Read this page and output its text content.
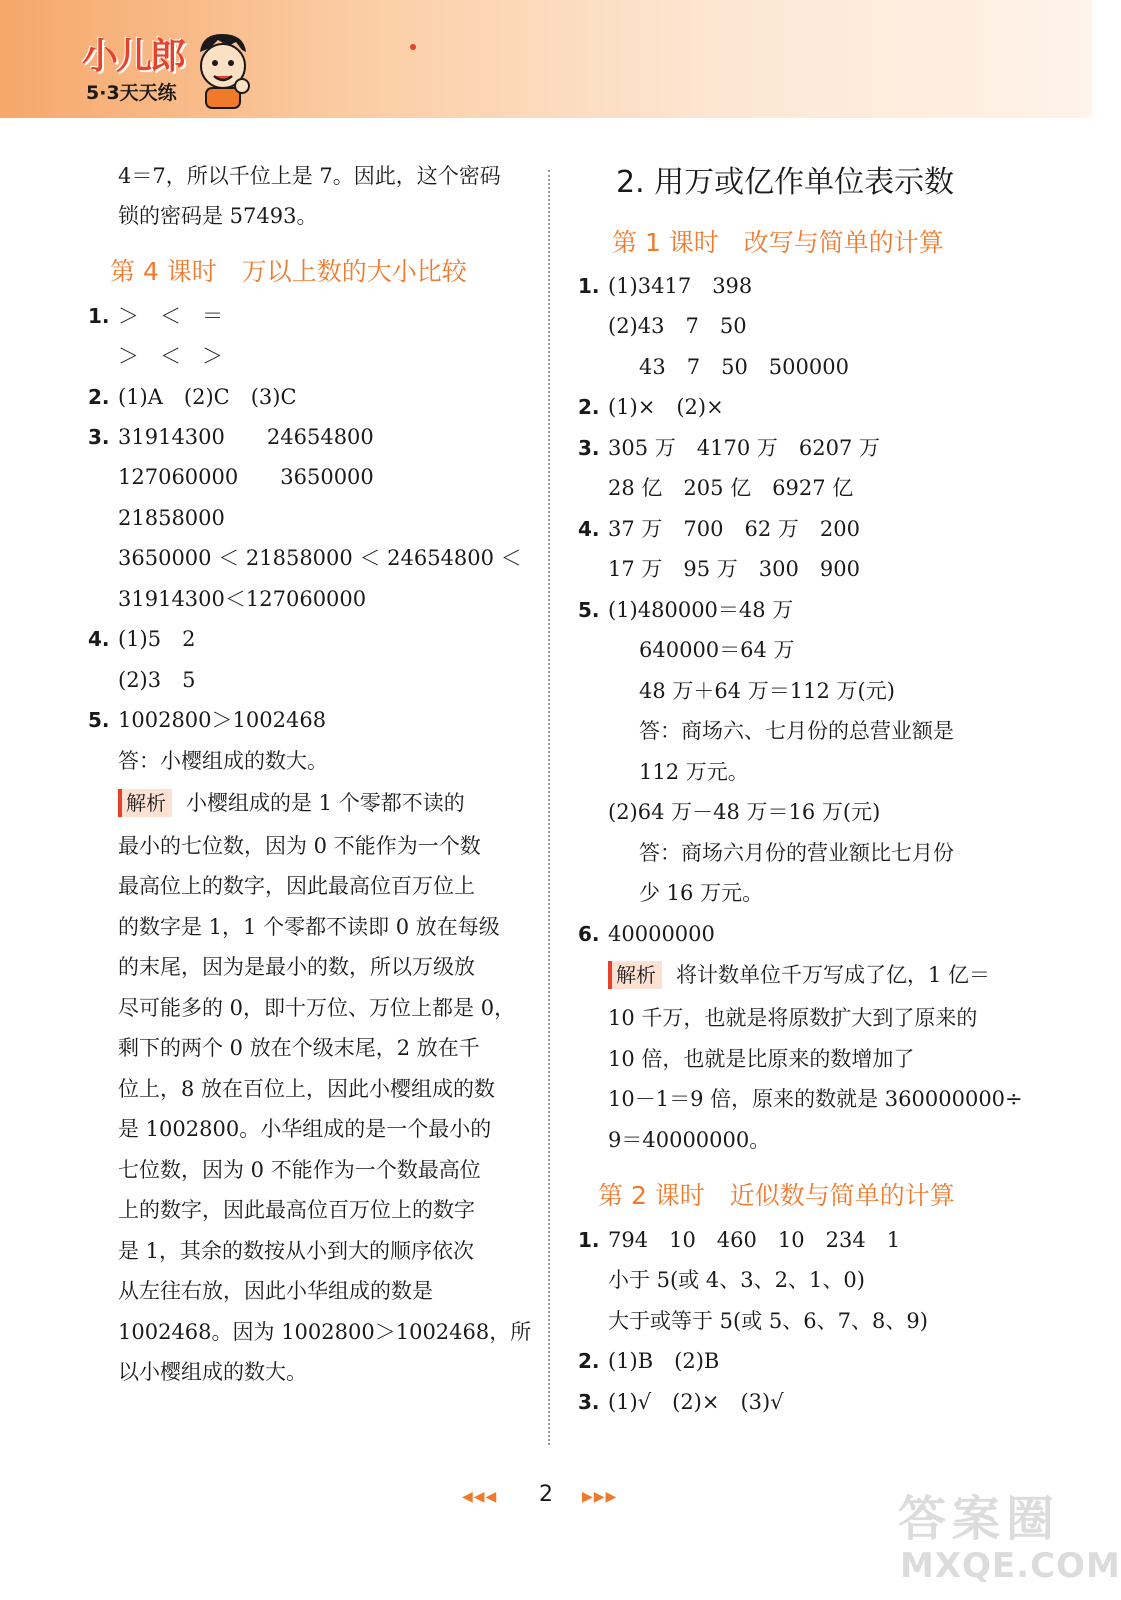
小儿郎
5·3天天练
4＝7，所以千位上是 7。因此，这个密码
锁的密码是 57493。
第 4 课时　万以上数的大小比较
1. ＞　＜　＝
＞　＜　＞
2. (1)A　(2)C　(3)C
3. 31914300　　24654800
127060000　　3650000
21858000
3650000 ＜ 21858000 ＜ 24654800 ＜
31914300＜127060000
4. (1)5　2
(2)3　5
5. 1002800＞1002468
答：小樱组成的数大。
解析 小樱组成的是 1 个零都不读的
最小的七位数，因为 0 不能作为一个数
最高位上的数字，因此最高位百万位上
的数字是 1，1 个零都不读即 0 放在每级
的末尾，因为是最小的数，所以万级放
尽可能多的 0，即十万位、万位上都是 0，
剩下的两个 0 放在个级末尾，2 放在千
位上，8 放在百位上，因此小樱组成的数
是 1002800。小华组成的是一个最小的
七位数，因为 0 不能作为一个数最高位
上的数字，因此最高位百万位上的数字
是 1，其余的数按从小到大的顺序依次
从左往右放，因此小华组成的数是
1002468。因为 1002800＞1002468，所
以小樱组成的数大。
2. 用万或亿作单位表示数
第 1 课时　改写与简单的计算
1. (1)3417　398
(2)43　7　50
　43　7　50　500000
2. (1)×　(2)×
3. 305 万　4170 万　6207 万
28 亿　205 亿　6927 亿
4. 37 万　700　62 万　200
17 万　95 万　300　900
5. (1)480000＝48 万
　640000＝64 万
　48 万＋64 万＝112 万(元)
　答：商场六、七月份的总营业额是
　112 万元。
(2)64 万－48 万＝16 万(元)
　答：商场六月份的营业额比七月份
　少 16 万元。
6. 40000000
解析 将计数单位千万写成了亿，1 亿＝
10 千万，也就是将原数扩大到了原来的
10 倍，也就是比原来的数增加了
10－1＝9 倍，原来的数就是 360000000÷
9＝40000000。
第 2 课时　近似数与简单的计算
1. 794　10　460　10　234　1
小于 5(或 4、3、2、1、0)
大于或等于 5(或 5、6、7、8、9)
2. (1)B　(2)B
3. (1)√　(2)×　(3)√
◀◀◀	2	▶▶▶	答案圈
MXQE.COM
